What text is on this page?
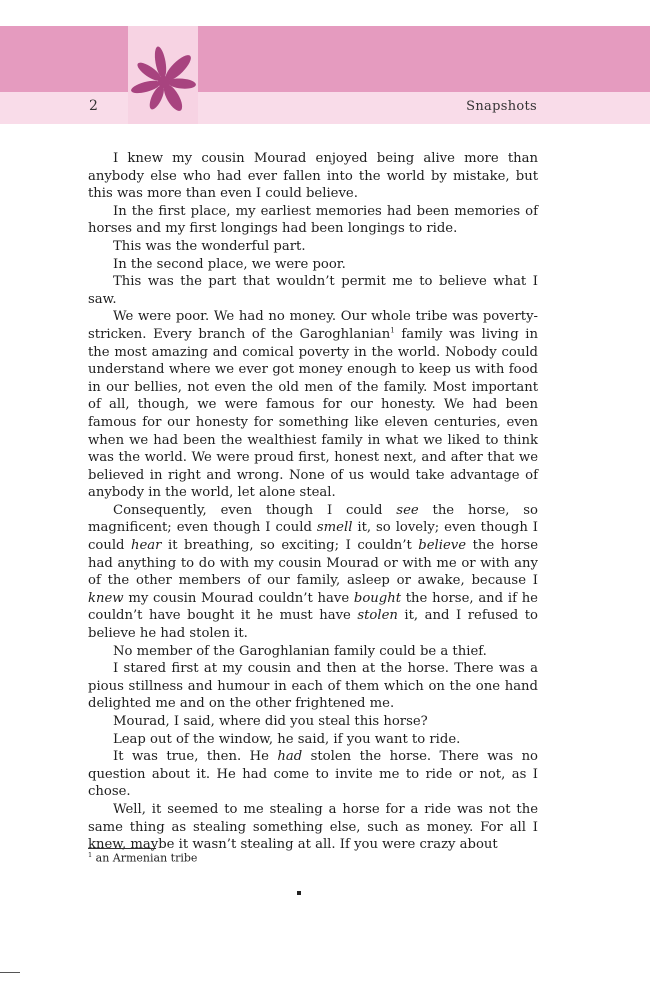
2	Snapshots

I knew my cousin Mourad enjoyed being alive more than anybody else who had ever fallen into the world by mistake, but this was more than even I could believe.

In the first place, my earliest memories had been memories of horses and my first longings had been longings to ride.

This was the wonderful part.

In the second place, we were poor.

This was the part that wouldn’t permit me to believe what I saw.

We were poor. We had no money. Our whole tribe was poverty-stricken. Every branch of the Garoghlanian$^1$ family was living in the most amazing and comical poverty in the world. Nobody could understand where we ever got money enough to keep us with food in our bellies, not even the old men of the family. Most important of all, though, we were famous for our honesty. We had been famous for our honesty for something like eleven centuries, even when we had been the wealthiest family in what we liked to think was the world. We were proud first, honest next, and after that we believed in right and wrong. None of us would take advantage of anybody in the world, let alone steal.

Consequently, even though I could see the horse, so magnificent; even though I could smell it, so lovely; even though I could hear it breathing, so exciting; I couldn’t believe the horse had anything to do with my cousin Mourad or with me or with any of the other members of our family, asleep or awake, because I knew my cousin Mourad couldn’t have bought the horse, and if he couldn’t have bought it he must have stolen it, and I refused to believe he had stolen it.

No member of the Garoghlanian family could be a thief.

I stared first at my cousin and then at the horse. There was a pious stillness and humour in each of them which on the one hand delighted me and on the other frightened me.

Mourad, I said, where did you steal this horse?

Leap out of the window, he said, if you want to ride.

It was true, then. He had stolen the horse. There was no question about it. He had come to invite me to ride or not, as I chose.

Well, it seemed to me stealing a horse for a ride was not the same thing as stealing something else, such as money. For all I knew, maybe it wasn’t stealing at all. If you were crazy about

$^1$ an Armenian tribe
